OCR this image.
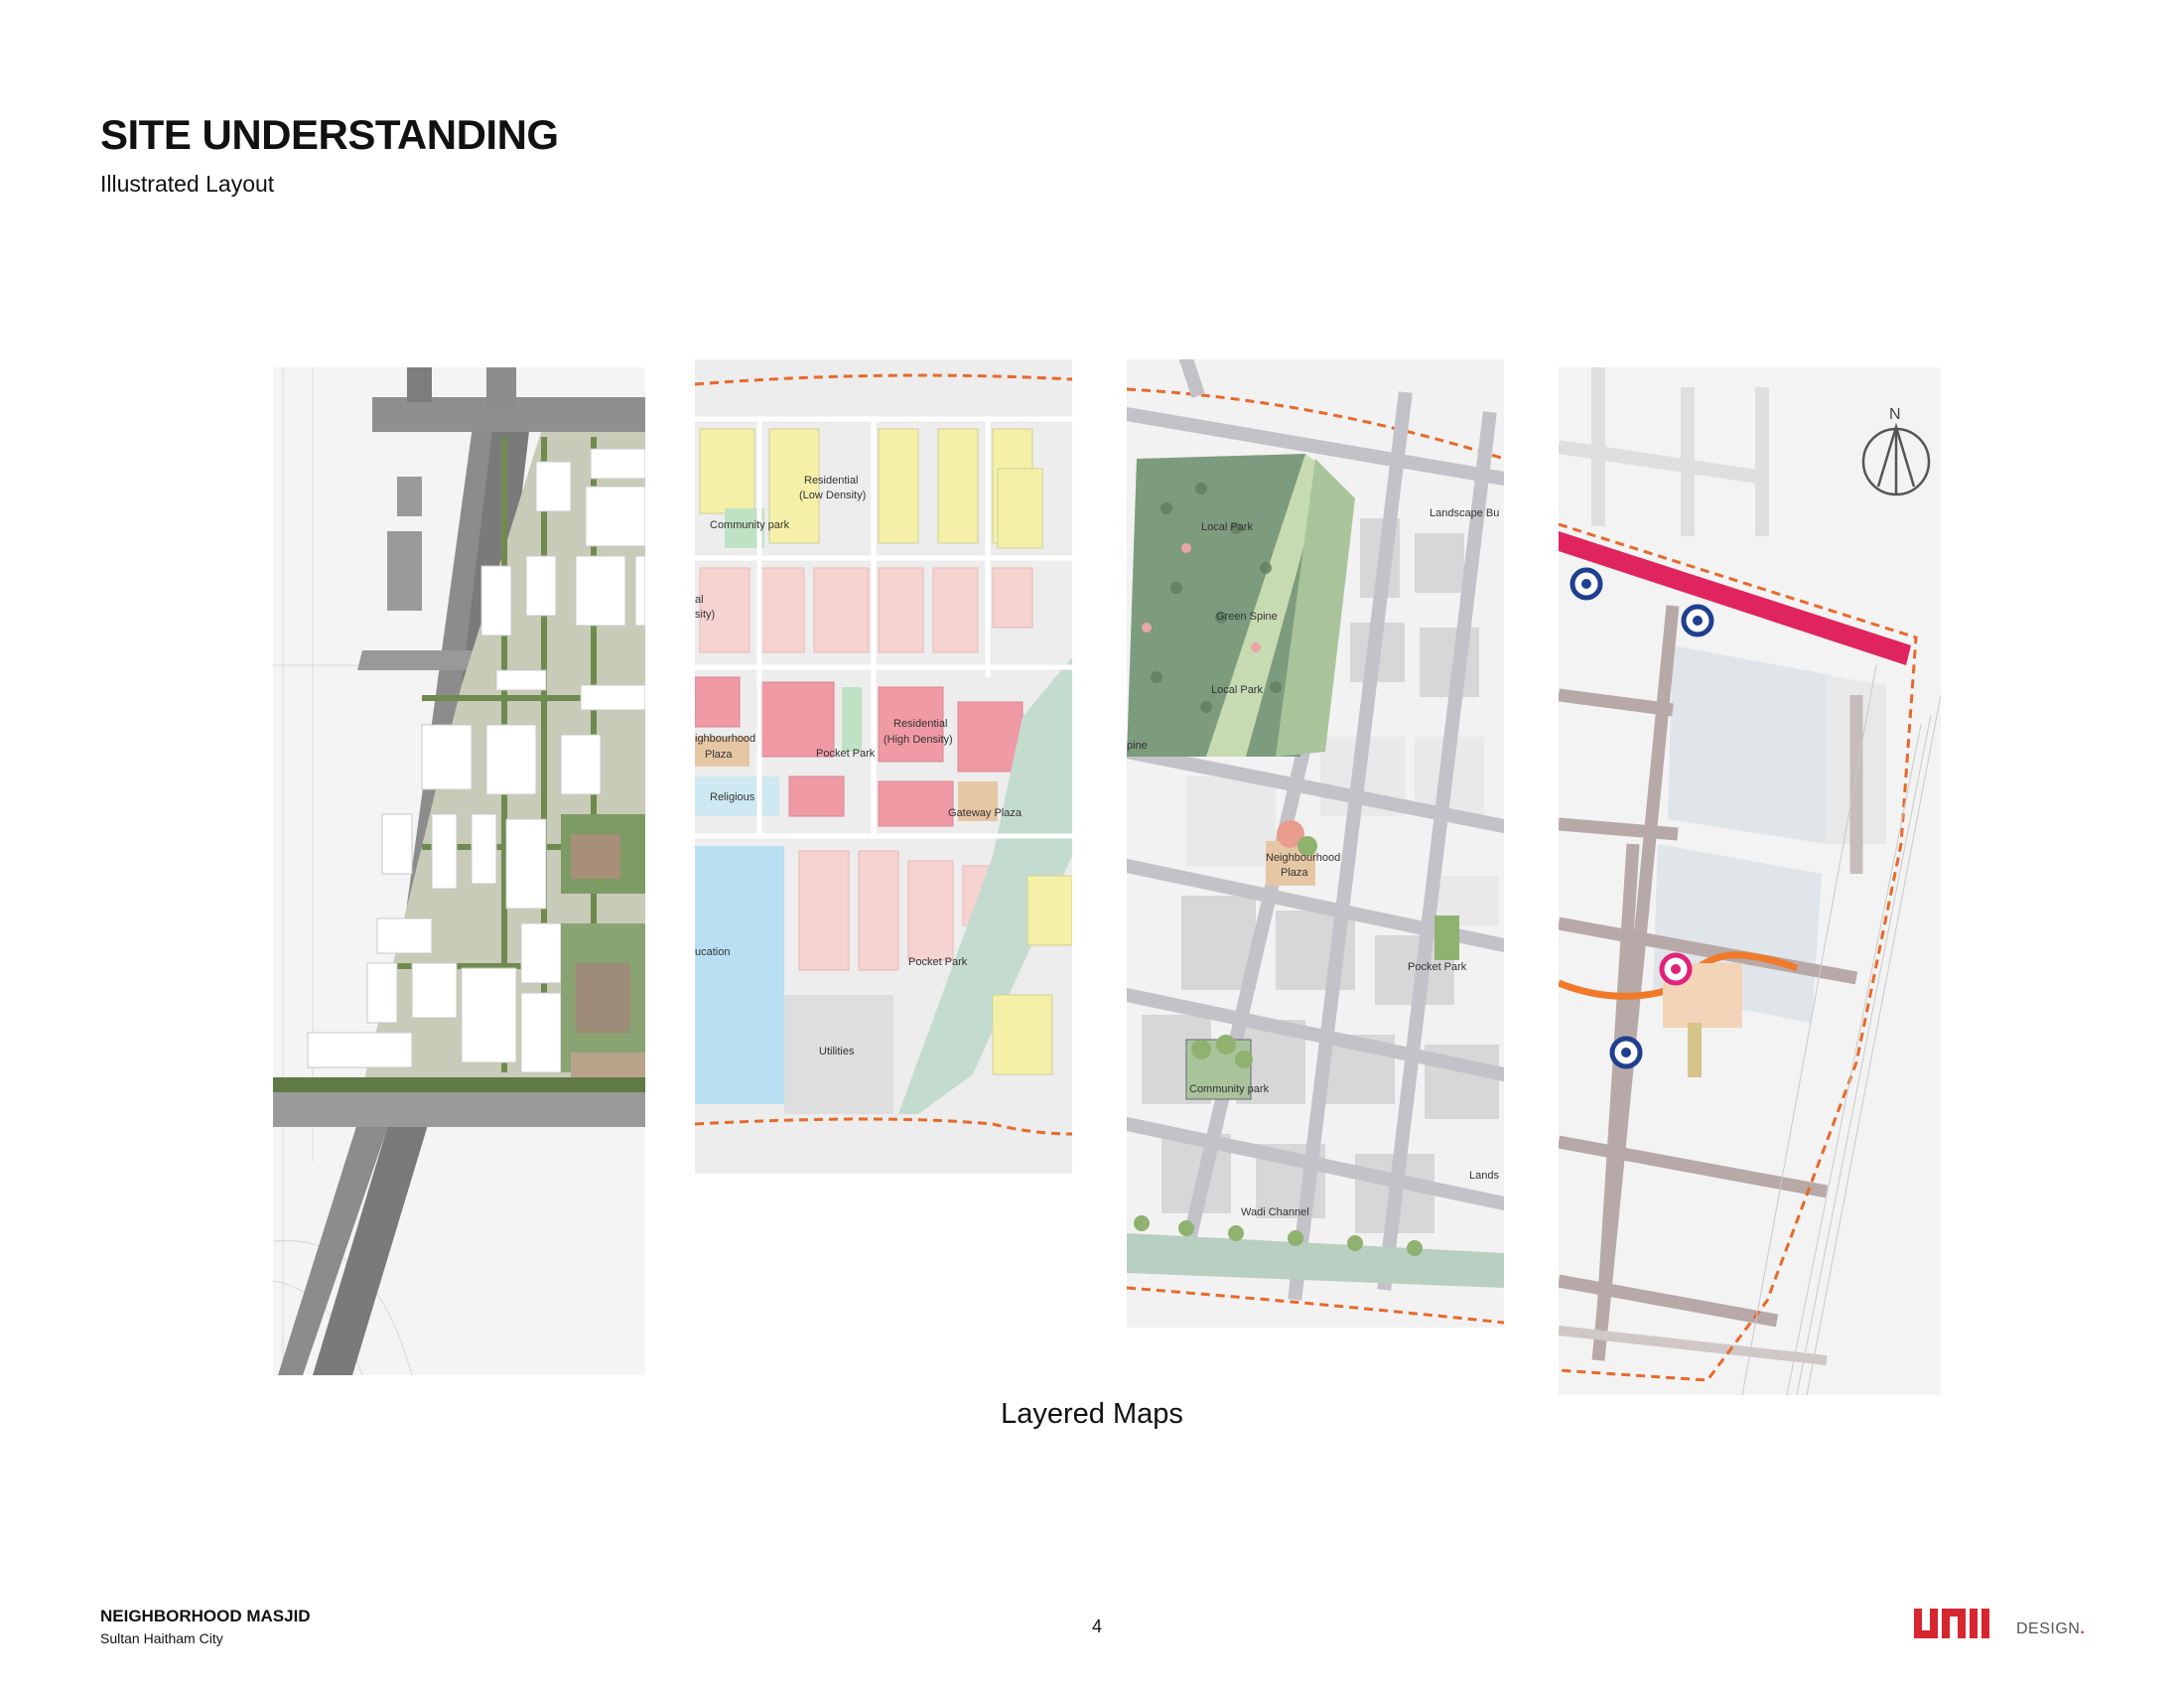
SITE UNDERSTANDING
Illustrated Layout
Residential
(Low Density)
Community park
al
sity)
Residential
(High Density)
ighbourhood
Plaza	Pocket Park
Religious
Gateway Plaza
ucation
Pocket Park
Utilities
Local Park
Green Spine
Local Park
Landscape Bu
pine
Neighbourhood
Plaza
Pocket Park
Community park
Wadi Channel
Lands
N
Layered Maps
NEIGHBORHOOD MASJID
Sultan Haitham City
4	DESIGN.
